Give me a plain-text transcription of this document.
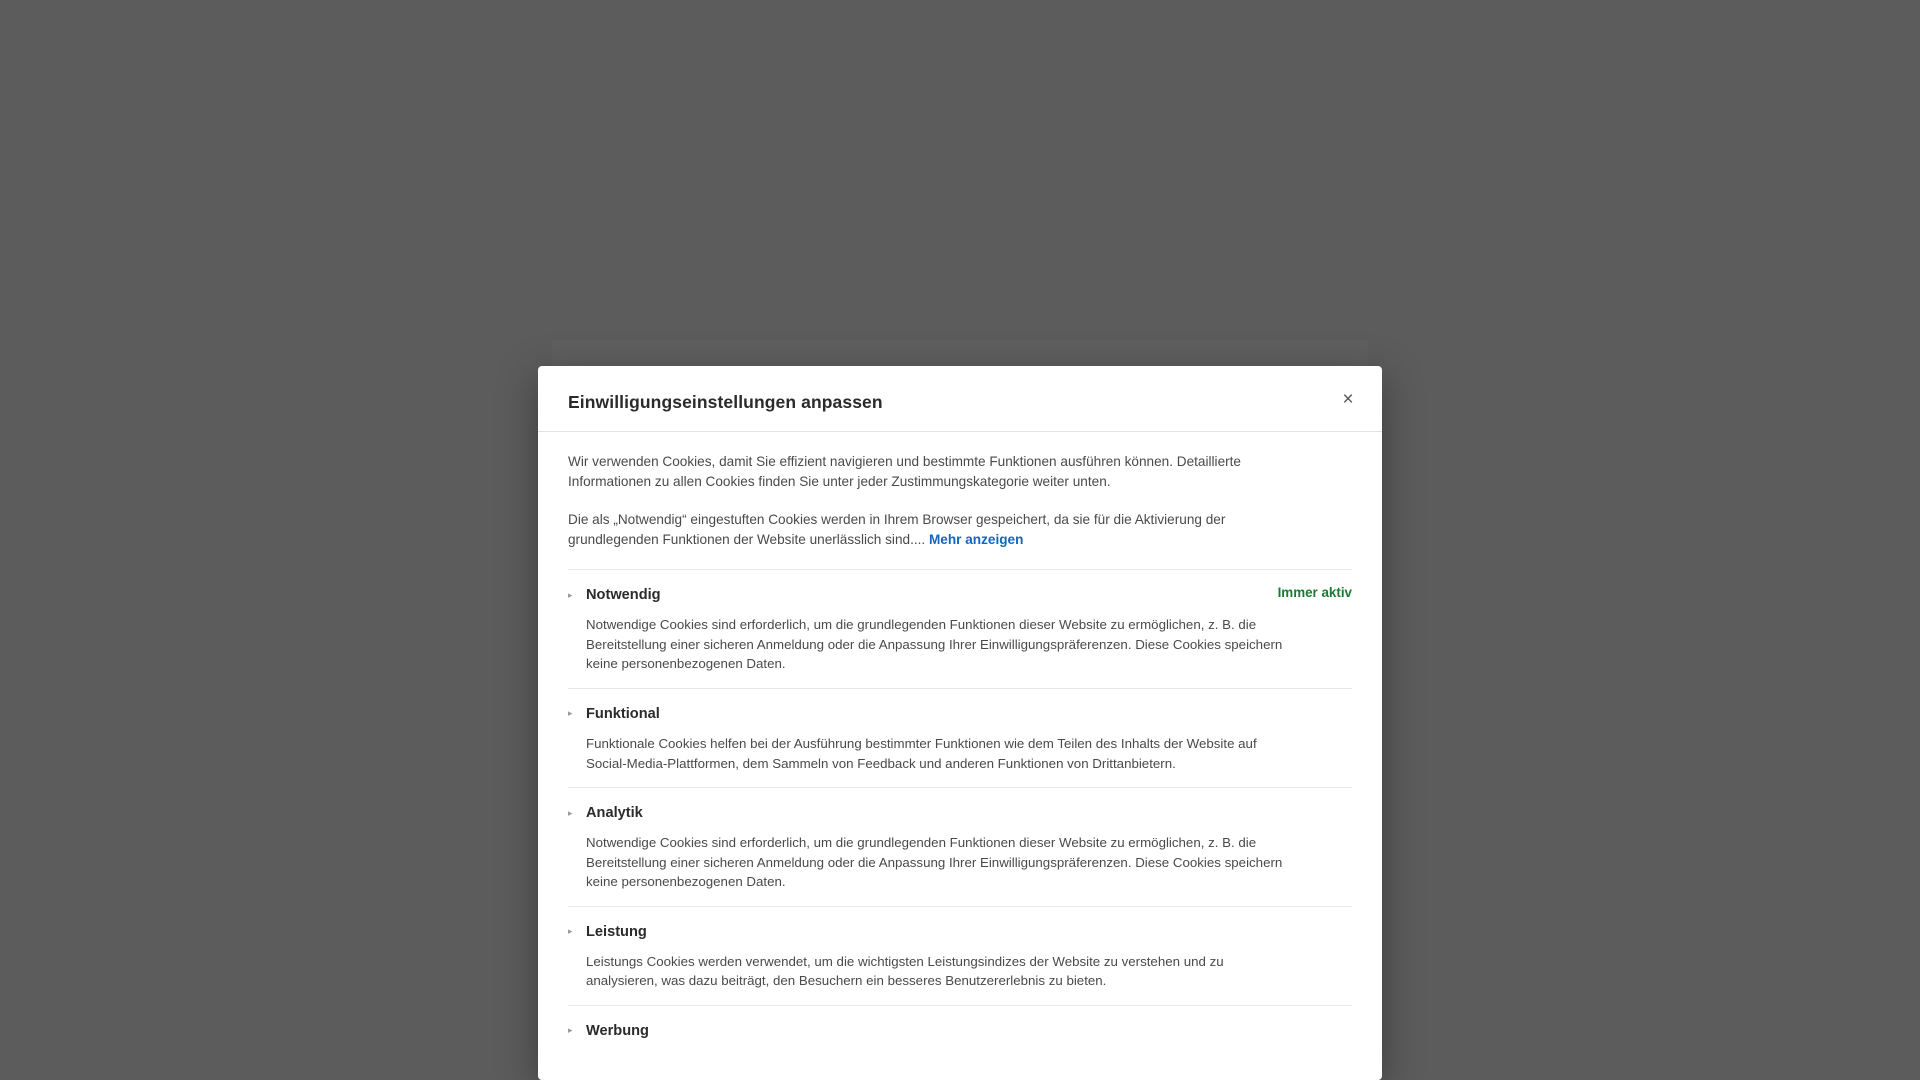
Einwilligungseinstellungen anpassen	×

Wir verwenden Cookies, damit Sie effizient navigieren und bestimmte Funktionen ausführen können. Detaillierte Informationen zu allen Cookies finden Sie unter jeder Zustimmungskategorie weiter unten.

Die als „Notwendig“ eingestuften Cookies werden in Ihrem Browser gespeichert, da sie für die Aktivierung der grundlegenden Funktionen der Website unerlässlich sind.... Mehr anzeigen

▸ Notwendig	Immer aktiv
Notwendige Cookies sind erforderlich, um die grundlegenden Funktionen dieser Website zu ermöglichen, z. B. die Bereitstellung einer sicheren Anmeldung oder die Anpassung Ihrer Einwilligungspräferenzen. Diese Cookies speichern keine personenbezogenen Daten.
▸ Funktional
Funktionale Cookies helfen bei der Ausführung bestimmter Funktionen wie dem Teilen des Inhalts der Website auf Social-Media-Plattformen, dem Sammeln von Feedback und anderen Funktionen von Drittanbietern.
▸ Analytik
Notwendige Cookies sind erforderlich, um die grundlegenden Funktionen dieser Website zu ermöglichen, z. B. die Bereitstellung einer sicheren Anmeldung oder die Anpassung Ihrer Einwilligungspräferenzen. Diese Cookies speichern keine personenbezogenen Daten.
▸ Leistung
Leistungs Cookies werden verwendet, um die wichtigsten Leistungsindizes der Website zu verstehen und zu analysieren, was dazu beiträgt, den Besuchern ein besseres Benutzererlebnis zu bieten.
▸ Werbung
